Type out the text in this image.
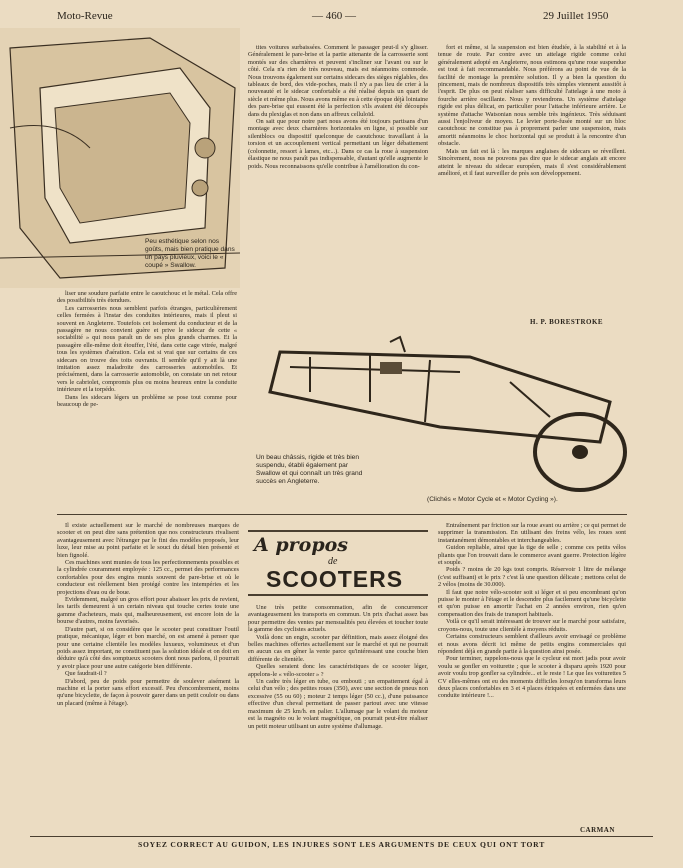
Moto-Revue	— 460 —	29 Juillet 1950
Peu esthétique selon nos goûts, mais bien pratique dans un pays pluvieux, voici le « coupé » Swallow.

liser une soudure parfaite entre le caoutchouc et le métal. Cela offre des possibilités très étendues.

Les carrosseries nous semblent parfois étranges, particulièrement celles fermées à l'instar des conduites intérieures, mais il pleut si souvent en Angleterre. Toutefois cet isolement du conducteur et de la passagère ne nous convient guère et prive le sidecar de cette « sociabilité » qui nous paraît un de ses plus grands charmes. Et la passagère elle-même doit étouffer, l'été, dans cette cage vitrée, malgré tous les systèmes d'aération. Cela est si vrai que sur certains de ces sidecars on trouve des toits ouvrants. Il semble qu'il y ait là une imitation assez maladroite des carrosseries automobiles. Et précisément, dans la carrosserie automobile, on constate un net retour vers le cabriolet, compromis plus ou moins heureux entre la conduite intérieure et la torpédo.

Dans les sidecars légers un problème se pose tout comme pour beaucoup de pe-

tites voitures surbaissées. Comment le passager peut-il s'y glisser. Généralement le pare-brise et la partie attenante de la carrosserie sont montés sur des charnières et peuvent s'incliner sur l'avant ou sur le côté. Cela n'a rien de très nouveau, mais est néanmoins commode. Nous trouvons également sur certains sidecars des sièges réglables, des tableaux de bord, des vide-poches, mais il n'y a pas lieu de crier à la nouveauté et le sidecar confortable a été réalisé depuis un quart de siècle et même plus. Nous avons même eu à cette époque déjà lointaine des pare-brise qui eussent été la perfection s'ils avaient été découpés dans du plexiglas et non dans un affreux celluloïd.

On sait que pour notre part nous avons été toujours partisans d'un montage avec deux charnières horizontales en ligne, si possible sur silentblocs ou dispositif quelconque de caoutchouc travaillant à la torsion et un accouplement vertical permettant un léger débattement (colonnette, ressort à lames, etc...). Dans ce cas la roue à suspension élastique ne nous paraît pas indispensable, d'autant qu'elle augmente le poids. Nous reconnaissons qu'elle contribue à l'amélioration du con-

fort et même, si la suspension est bien étudiée, à la stabilité et à la tenue de route. Par contre avec un attelage rigide comme celui généralement adopté en Angleterre, nous estimons qu'une roue suspendue est tout à fait recommandable. Nous préférons au point de vue de la facilité de montage la première solution. Il y a bien la question du pincement, mais de nombreux dispositifs très simples viennent aussitôt à l'esprit. De plus on peut réaliser sans difficulté l'attelage à une moto à fourche arrière oscillante. Nous y reviendrons. Un système d'attelage rigide est plus délicat, en particulier pour l'attache inférieure arrière. Le système d'attache Watsonian nous semble très ingénieux. Très séduisant aussi l'enjoliveur de moyeu. Le levier porte-fusée monté sur un bloc caoutchouc ne constitue pas à proprement parler une suspension, mais amortit néanmoins le choc horizontal qui se produit à la rencontre d'un obstacle.

Mais un fait est là : les marques anglaises de sidecars se réveillent. Sincèrement, nous ne pouvons pas dire que le sidecar anglais ait encore atteint le niveau du sidecar européen, mais il s'est considérablement amélioré, et il faut surveiller de près son développement.

H. P. BORESTROKE
Un beau châssis, rigide et très bien suspendu, établi également par Swallow et qui connaît un très grand succès en Angleterre.
(Clichés « Motor Cycle et « Motor Cycling »).
A propos
de
SCOOTERS

Il existe actuellement sur le marché de nombreuses marques de scooter et on peut dire sans prétention que nos constructeurs rivalisent avantageusement avec l'étranger par le fini des modèles proposés, leur luxe, leur mise au point parfaite et le souci du détail bien présenté et bien fignolé.

Ces machines sont munies de tous les perfectionnements possibles et la cylindrée couramment employée : 125 cc., permet des performances confortables pour des engins munis souvent de pare-brise et où le conducteur est réellement bien protégé contre les intempéries et les projections d'eau ou de boue.

Evidemment, malgré un gros effort pour abaisser les prix de revient, les tarifs demeurent à un certain niveau qui touche certes toute une gamme d'acheteurs, mais qui, malheureusement, est encore loin de la bourse d'autres, moins favorisés.

D'autre part, si on considère que le scooter peut constituer l'outil pratique, mécanique, léger et bon marché, on est amené à penser que pour une certaine clientèle les modèles luxueux, volumineux et d'un poids assez important, ne constituent pas la solution idéale et on doit en déduire qu'à côté des somptueux scooters dont nous parlons, il pourrait y avoir place pour une autre catégorie bien différente.

Que faudrait-il ?

D'abord, peu de poids pour permettre de soulever aisément la machine et la porter sans effort excessif. Peu d'encombrement, moins qu'une bicyclette, de façon à pouvoir garer dans un petit couloir ou dans un placard (même à l'étage).

Une très petite consommation, afin de concurrencer avantageusement les transports en commun. Un prix d'achat assez bas pour permettre des ventes par mensualités peu élevées et toucher toute la gamme des cyclistes actuels.

Voilà donc un engin, scooter par définition, mais assez éloigné des belles machines offertes actuellement sur le marché et qui ne pourrait en aucun cas en gêner la vente parce qu'intéressant une couche bien différente de clientèle.

Quelles seraient donc les caractéristiques de ce scooter léger, appelons-le « vélo-scooter » ?

Un cadre très léger en tube, ou embouti ; un empattement égal à celui d'un vélo ; des petites roues (350), avec une section de pneus non excessive (55 ou 60) ; moteur 2 temps léger (50 cc.), d'une puissance effective d'un cheval permettant de passer partout avec une vitesse maximum de 25 km/h. en palier. L'allumage par le volant du moteur est la magnéto ou le volant magnétique, on pourrait peut-être réaliser un petit moteur utilisant un autre système d'allumage.

Entraînement par friction sur la roue avant ou arrière ; ce qui permet de supprimer la transmission. En utilisant des freins vélo, les roues sont instantanément démontables et interchangeables.

Guidon repliable, ainsi que la tige de selle ; comme ces petits vélos pliants que l'on trouvait dans le commerce avant guerre. Protection légère et souple.

Poids ? moins de 20 kgs tout compris. Réservoir 1 litre de mélange (c'est suffisant) et le prix ? c'est là une question délicate ; mettons celui de 2 vélos (moins de 30.000).

Il faut que notre vélo-scooter soit si léger et si peu encombrant qu'on puisse le monter à l'étage et le descendre plus facilement qu'une bicyclette et qu'on puisse en amortir l'achat en 2 années environ, rien qu'en compensation des frais de transport habituels.

Voilà ce qu'il serait intéressant de trouver sur le marché pour satisfaire, croyons-nous, toute une clientèle à moyens réduits.

Certains constructeurs semblent d'ailleurs avoir envisagé ce problème et nous avons décrit ici même de petits engins commerciales qui répondent déjà en grande partie à la question ainsi posée.

Pour terminer, rappelons-nous que le cycleur est mort jadis pour avoir voulu se gonfler en voiturette ; que le scooter à disparu après 1920 pour avoir voulu trop gonfler sa cylindrée... et le reste ! Le que les voiturettes 5 CV elles-mêmes ont eu des moments difficiles lorsqu'on transforma leurs deux places confortables en 3 et 4 places étriquées et enfermées dans une conduite intérieure !...

CARMAN
SOYEZ CORRECT AU GUIDON, LES INJURES SONT LES ARGUMENTS DE CEUX QUI ONT TORT
